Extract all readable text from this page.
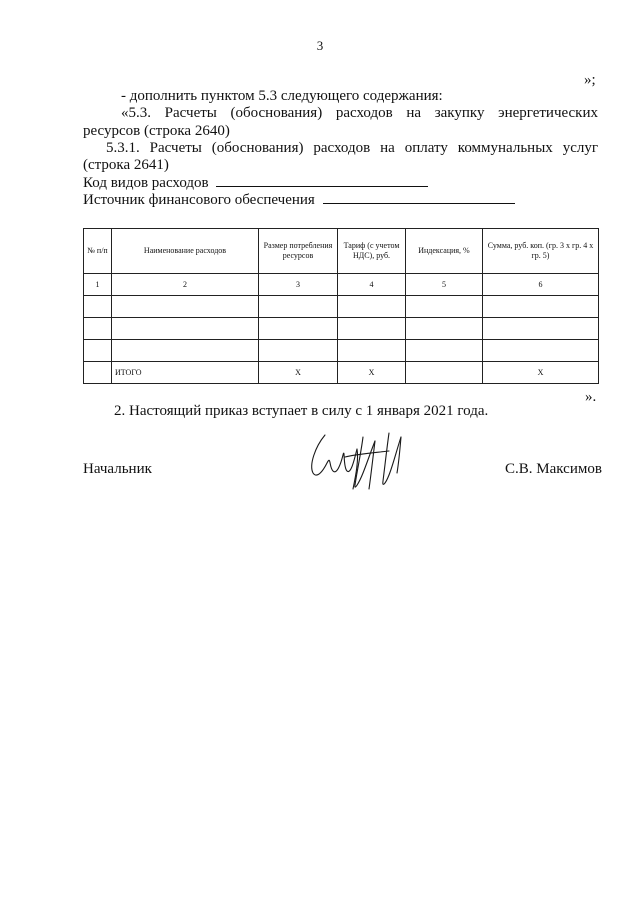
3
»;
- дополнить пунктом 5.3 следующего содержания:
«5.3. Расчеты (обоснования) расходов на закупку энергетических
ресурсов (строка 2640)
5.3.1. Расчеты (обоснования) расходов на оплату коммунальных услуг
(строка 2641)
Код видов расходов
Источник финансового обеспечения
№ п/п	Наименование расходов	Размер потребления ресурсов	Тариф (с учетом НДС), руб.	Индексация, %	Сумма, руб. коп. (гр. 3 х гр. 4 х гр. 5)
1	2	3	4	5	6

	ИТОГО	Х	Х		Х
».
2. Настоящий приказ вступает в силу с 1 января 2021 года.
Начальник	С.В. Максимов
